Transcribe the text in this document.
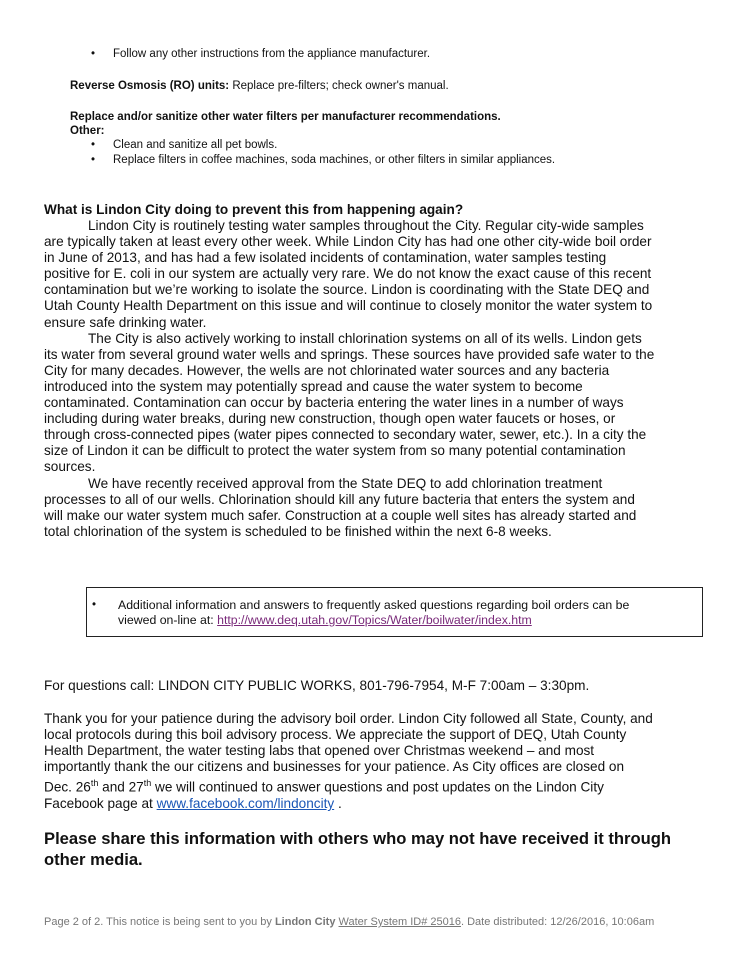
• Follow any other instructions from the appliance manufacturer.
Reverse Osmosis (RO) units: Replace pre-filters; check owner's manual.
Replace and/or sanitize other water filters per manufacturer recommendations.
Other:
• Clean and sanitize all pet bowls.
• Replace filters in coffee machines, soda machines, or other filters in similar appliances.
What is Lindon City doing to prevent this from happening again?
Lindon City is routinely testing water samples throughout the City. Regular city-wide samples
are typically taken at least every other week. While Lindon City has had one other city-wide boil order
in June of 2013, and has had a few isolated incidents of contamination, water samples testing
positive for E. coli in our system are actually very rare. We do not know the exact cause of this recent
contamination but we’re working to isolate the source. Lindon is coordinating with the State DEQ and
Utah County Health Department on this issue and will continue to closely monitor the water system to
ensure safe drinking water.
The City is also actively working to install chlorination systems on all of its wells. Lindon gets
its water from several ground water wells and springs. These sources have provided safe water to the
City for many decades. However, the wells are not chlorinated water sources and any bacteria
introduced into the system may potentially spread and cause the water system to become
contaminated. Contamination can occur by bacteria entering the water lines in a number of ways
including during water breaks, during new construction, though open water faucets or hoses, or
through cross-connected pipes (water pipes connected to secondary water, sewer, etc.). In a city the
size of Lindon it can be difficult to protect the water system from so many potential contamination
sources.
We have recently received approval from the State DEQ to add chlorination treatment
processes to all of our wells. Chlorination should kill any future bacteria that enters the system and
will make our water system much safer. Construction at a couple well sites has already started and
total chlorination of the system is scheduled to be finished within the next 6-8 weeks.
• Additional information and answers to frequently asked questions regarding boil orders can be
viewed on-line at: http://www.deq.utah.gov/Topics/Water/boilwater/index.htm
For questions call: LINDON CITY PUBLIC WORKS, 801-796-7954, M-F 7:00am – 3:30pm.
Thank you for your patience during the advisory boil order. Lindon City followed all State, County, and
local protocols during this boil advisory process. We appreciate the support of DEQ, Utah County
Health Department, the water testing labs that opened over Christmas weekend – and most
importantly thank the our citizens and businesses for your patience. As City offices are closed on
Dec. 26th and 27th we will continued to answer questions and post updates on the Lindon City
Facebook page at www.facebook.com/lindoncity .
Please share this information with others who may not have received it through
other media.
Page 2 of 2. This notice is being sent to you by Lindon City Water System ID# 25016. Date distributed: 12/26/2016, 10:06am
